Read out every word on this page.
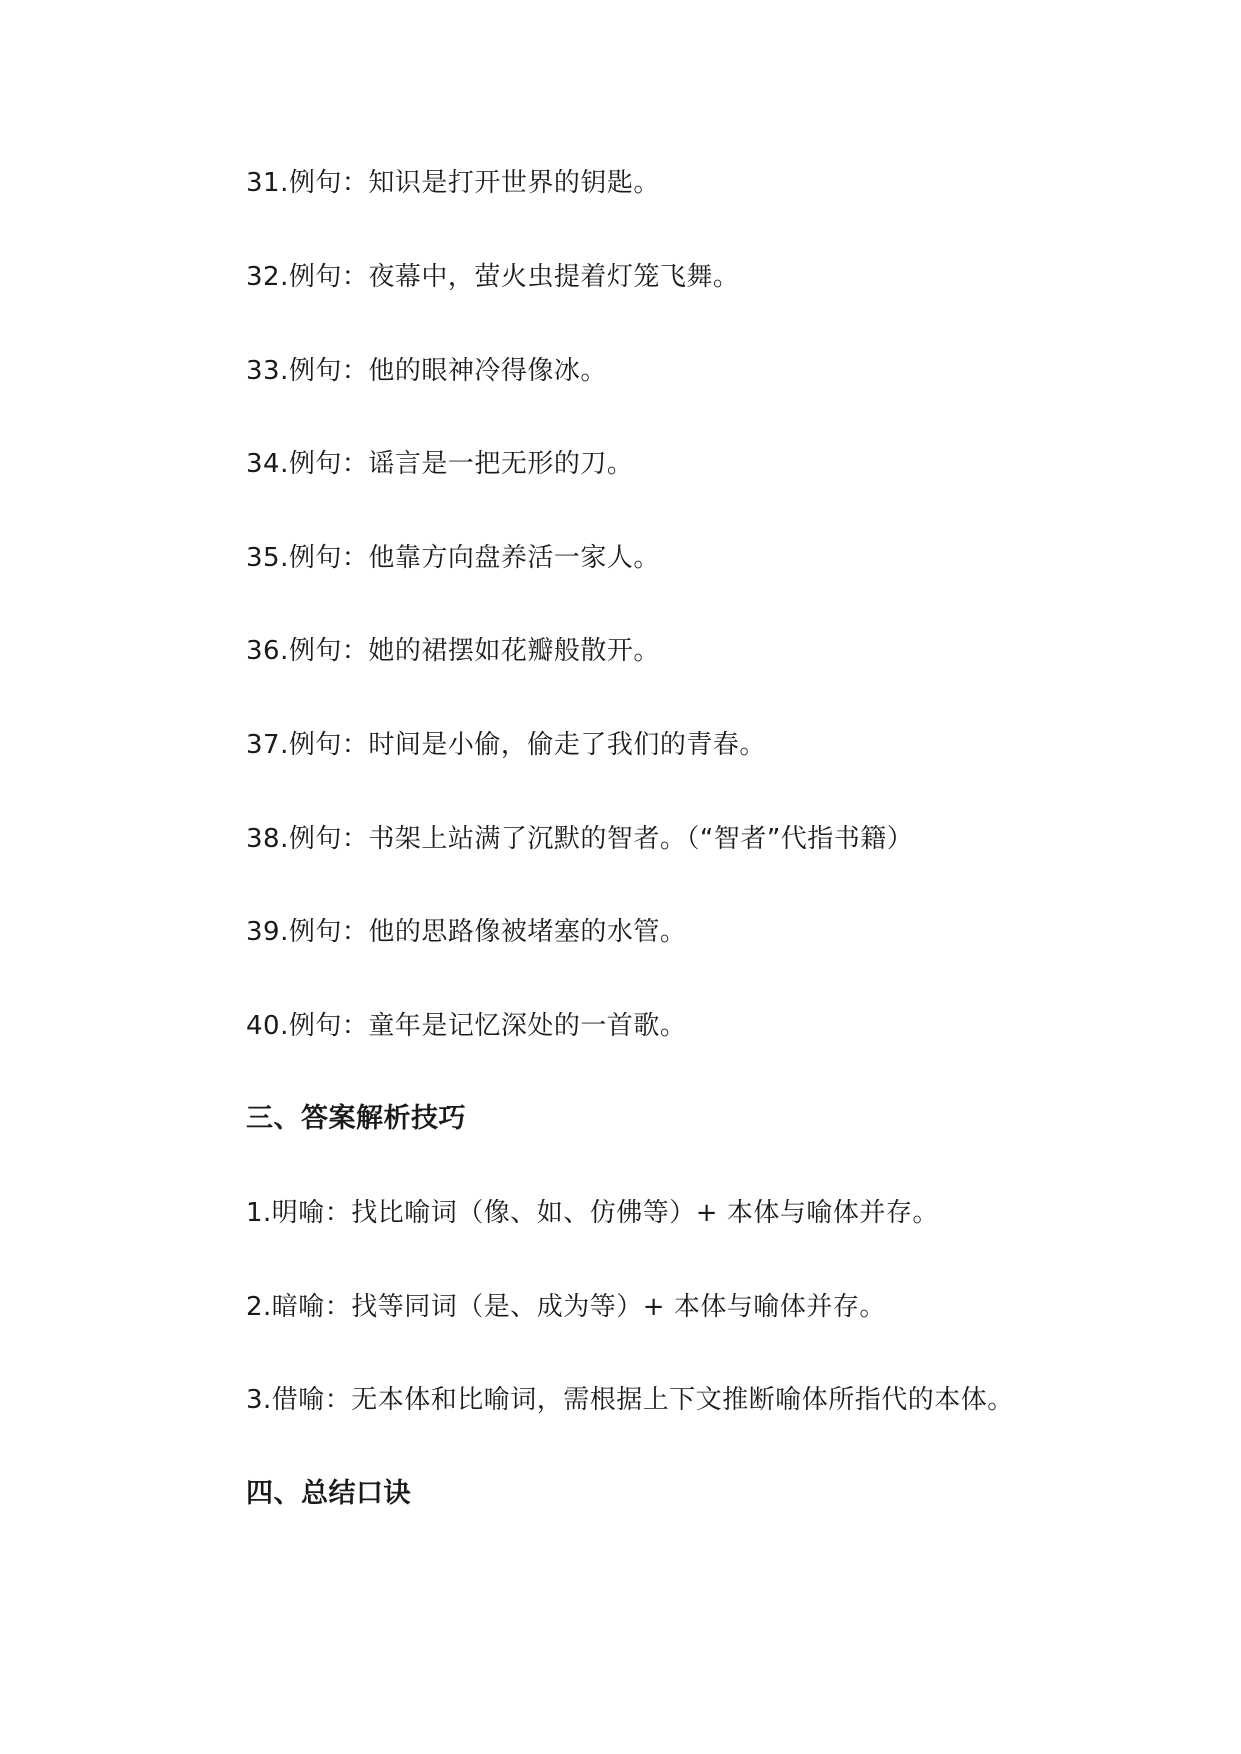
31.例句：知识是打开世界的钥匙。
32.例句：夜幕中，萤火虫提着灯笼飞舞。
33.例句：他的眼神冷得像冰。
34.例句：谣言是一把无形的刀。
35.例句：他靠方向盘养活一家人。
36.例句：她的裙摆如花瓣般散开。
37.例句：时间是小偷，偷走了我们的青春。
38.例句：书架上站满了沉默的智者。（“智者”代指书籍）
39.例句：他的思路像被堵塞的水管。
40.例句：童年是记忆深处的一首歌。
三、答案解析技巧
1.明喻：找比喻词（像、如、仿佛等）+ 本体与喻体并存。
2.暗喻：找等同词（是、成为等）+ 本体与喻体并存。
3.借喻：无本体和比喻词，需根据上下文推断喻体所指代的本体。
四、总结口诀
